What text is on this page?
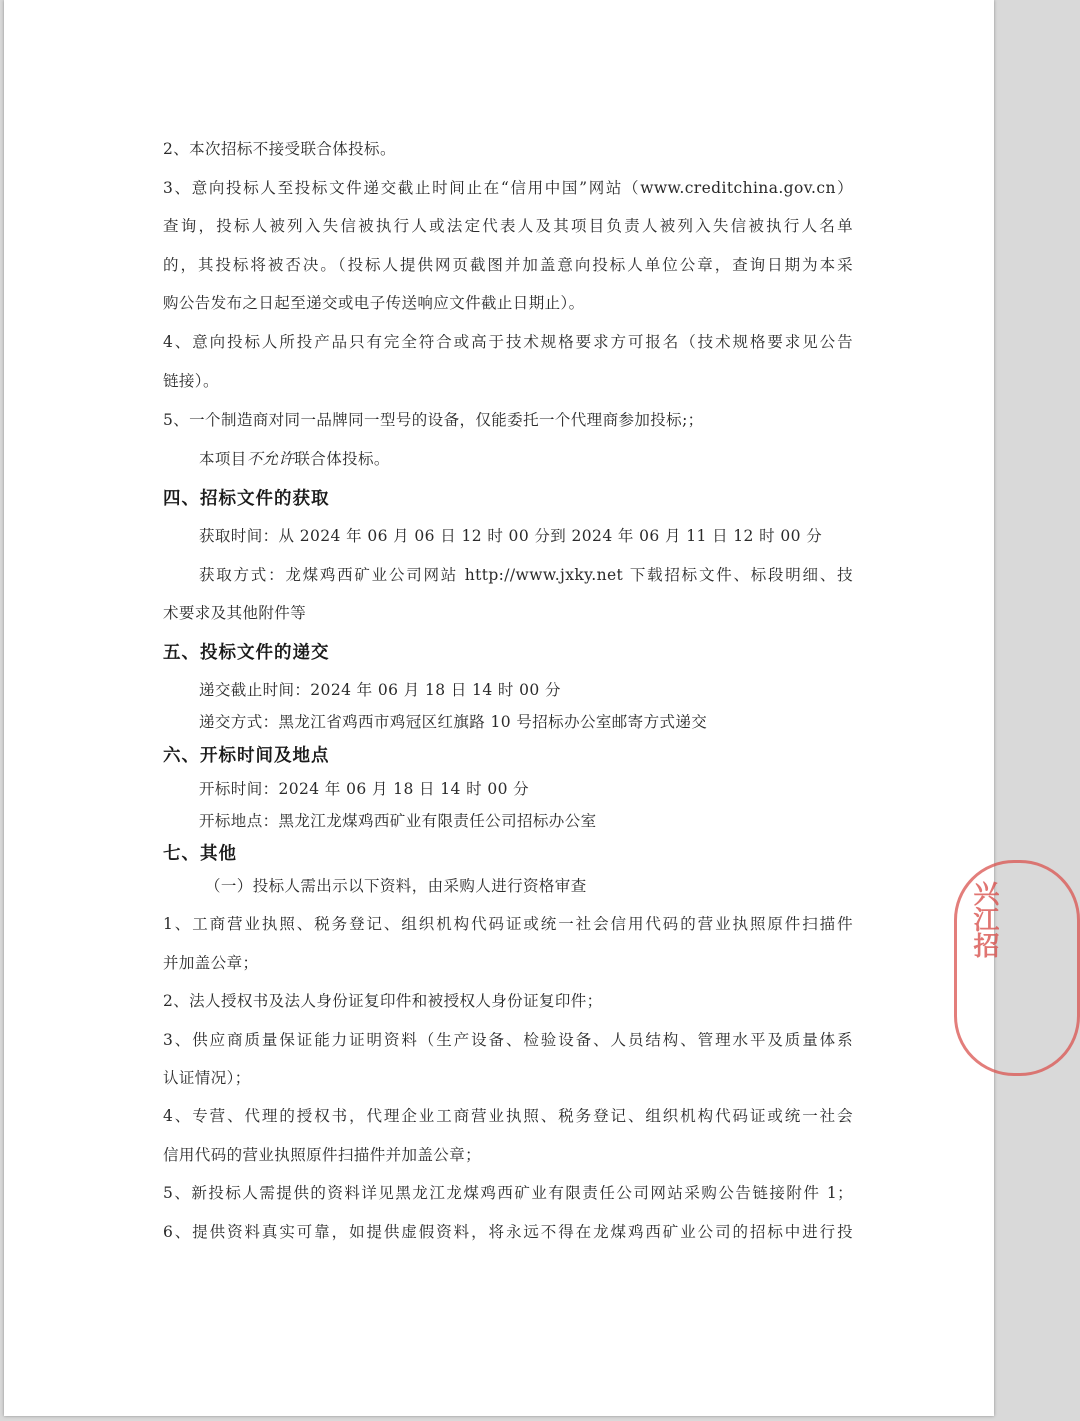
2、本次招标不接受联合体投标。
3、意向投标人至投标文件递交截止时间止在“信用中国”网站（www.creditchina.gov.cn）
查询，投标人被列入失信被执行人或法定代表人及其项目负责人被列入失信被执行人名单
的，其投标将被否决。（投标人提供网页截图并加盖意向投标人单位公章，查询日期为本采
购公告发布之日起至递交或电子传送响应文件截止日期止）。
4、意向投标人所投产品只有完全符合或高于技术规格要求方可报名（技术规格要求见公告
链接）。
5、一个制造商对同一品牌同一型号的设备，仅能委托一个代理商参加投标;；
本项目不允许联合体投标。
四、招标文件的获取
获取时间：从 2024 年 06 月 06 日 12 时 00 分到 2024 年 06 月 11 日 12 时 00 分
获取方式：龙煤鸡西矿业公司网站 http://www.jxky.net 下载招标文件、标段明细、技
术要求及其他附件等
五、投标文件的递交
递交截止时间：2024 年 06 月 18 日 14 时 00 分
递交方式：黑龙江省鸡西市鸡冠区红旗路 10 号招标办公室邮寄方式递交
六、开标时间及地点
开标时间：2024 年 06 月 18 日 14 时 00 分
开标地点：黑龙江龙煤鸡西矿业有限责任公司招标办公室
七、其他
（一）投标人需出示以下资料，由采购人进行资格审查
1、工商营业执照、税务登记、组织机构代码证或统一社会信用代码的营业执照原件扫描件
并加盖公章；
2、法人授权书及法人身份证复印件和被授权人身份证复印件；
3、供应商质量保证能力证明资料（生产设备、检验设备、人员结构、管理水平及质量体系
认证情况）；
4、专营、代理的授权书，代理企业工商营业执照、税务登记、组织机构代码证或统一社会
信用代码的营业执照原件扫描件并加盖公章；
5、新投标人需提供的资料详见黑龙江龙煤鸡西矿业有限责任公司网站采购公告链接附件 1；
6、提供资料真实可靠，如提供虚假资料，将永远不得在龙煤鸡西矿业公司的招标中进行投
兴江招
